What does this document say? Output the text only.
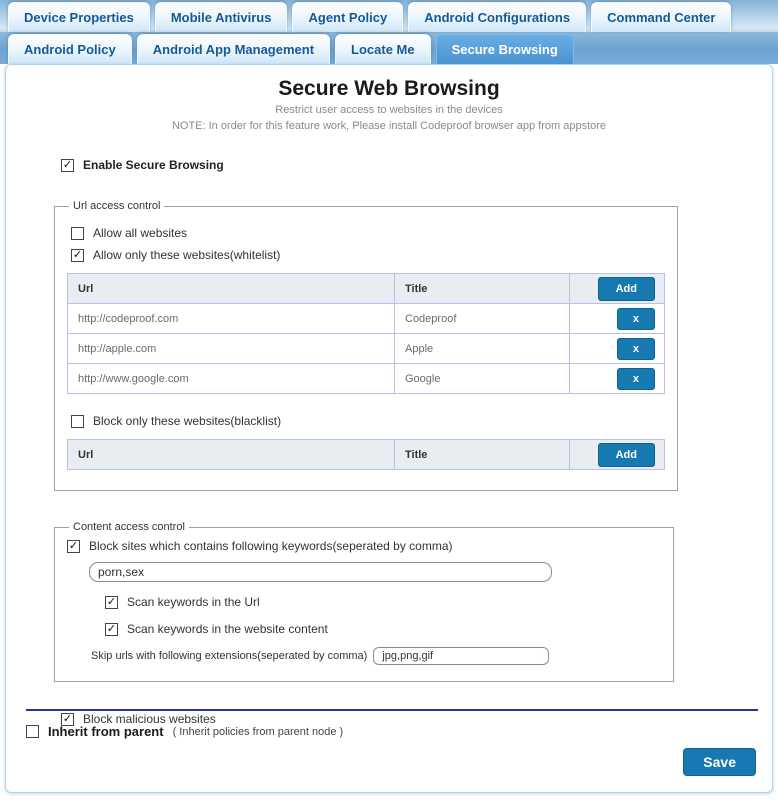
Device Properties	Mobile Antivirus	Agent Policy	Android Configurations	Command Center
Android Policy	Android App Management	Locate Me	Secure Browsing
Secure Web Browsing
Restrict user access to websites in the devices
NOTE: In order for this feature work, Please install Codeproof browser app from appstore
✓ Enable Secure Browsing
Url access control
Allow all websites
✓ Allow only these websites(whitelist)
Url	Title	Add
http://codeproof.com	Codeproof	x
http://apple.com	Apple	x
http://www.google.com	Google	x
Block only these websites(blacklist)
Url	Title	Add
Content access control
✓ Block sites which contains following keywords(seperated by comma)
porn,sex
✓ Scan keywords in the Url
✓ Scan keywords in the website content
Skip urls with following extensions(seperated by comma)
jpg,png,gif
✓ Block malicious websites
Inherit from parent ( Inherit policies from parent node )
Save
